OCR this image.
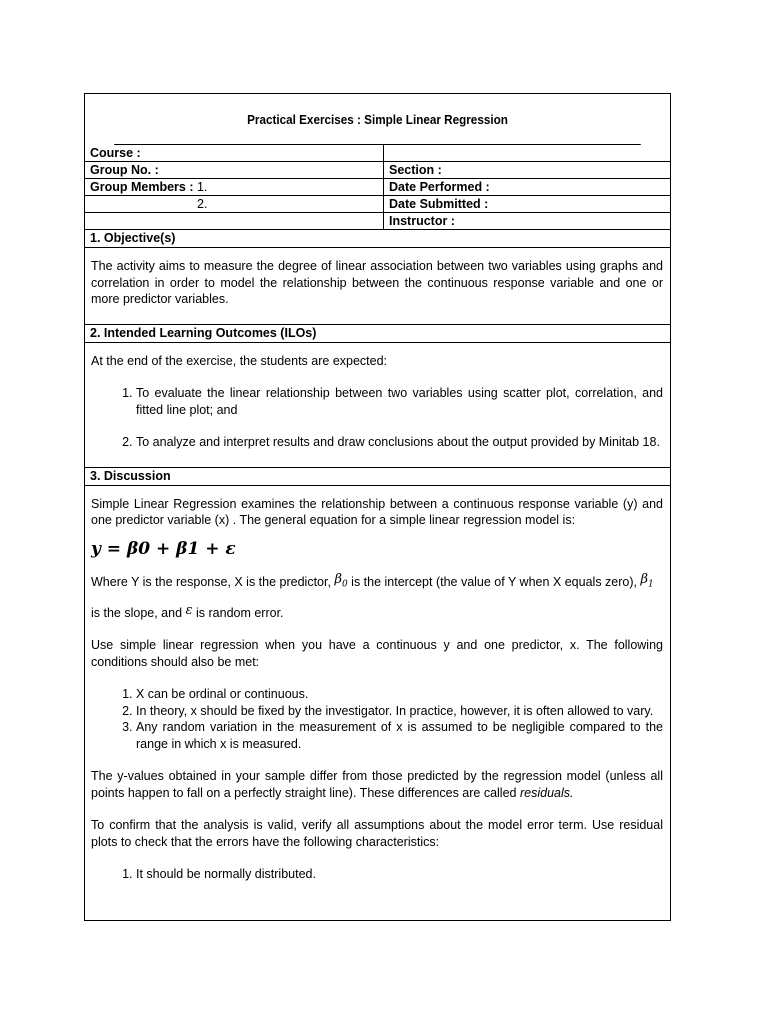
Practical Exercises : Simple Linear Regression
Course :
Group No. :	Section :
Group Members : 1.	Date Performed :
2.	Date Submitted :
Instructor :
1. Objective(s)

The activity aims to measure the degree of linear association between two variables using graphs and correlation in order to model the relationship between the continuous response variable and one or more predictor variables.

2. Intended Learning Outcomes (ILOs)

At the end of the exercise, the students are expected:

1. To evaluate the linear relationship between two variables using scatter plot, correlation, and fitted line plot; and
2. To analyze and interpret results and draw conclusions about the output provided by Minitab 18.
3. Discussion

Simple Linear Regression examines the relationship between a continuous response variable (y) and one predictor variable (x) . The general equation for a simple linear regression model is:

y = β0 + β1 + ε

Where Y is the response, X is the predictor, $\beta_0$ is the intercept (the value of Y when X equals zero), $\beta_1$ is the slope, and ε is random error.

Use simple linear regression when you have a continuous y and one predictor, x. The following conditions should also be met:

1. X can be ordinal or continuous.
2. In theory, x should be fixed by the investigator. In practice, however, it is often allowed to vary.
3. Any random variation in the measurement of x is assumed to be negligible compared to the range in which x is measured.

The y-values obtained in your sample differ from those predicted by the regression model (unless all points happen to fall on a perfectly straight line). These differences are called residuals.

To confirm that the analysis is valid, verify all assumptions about the model error term. Use residual plots to check that the errors have the following characteristics:

1. It should be normally distributed.
